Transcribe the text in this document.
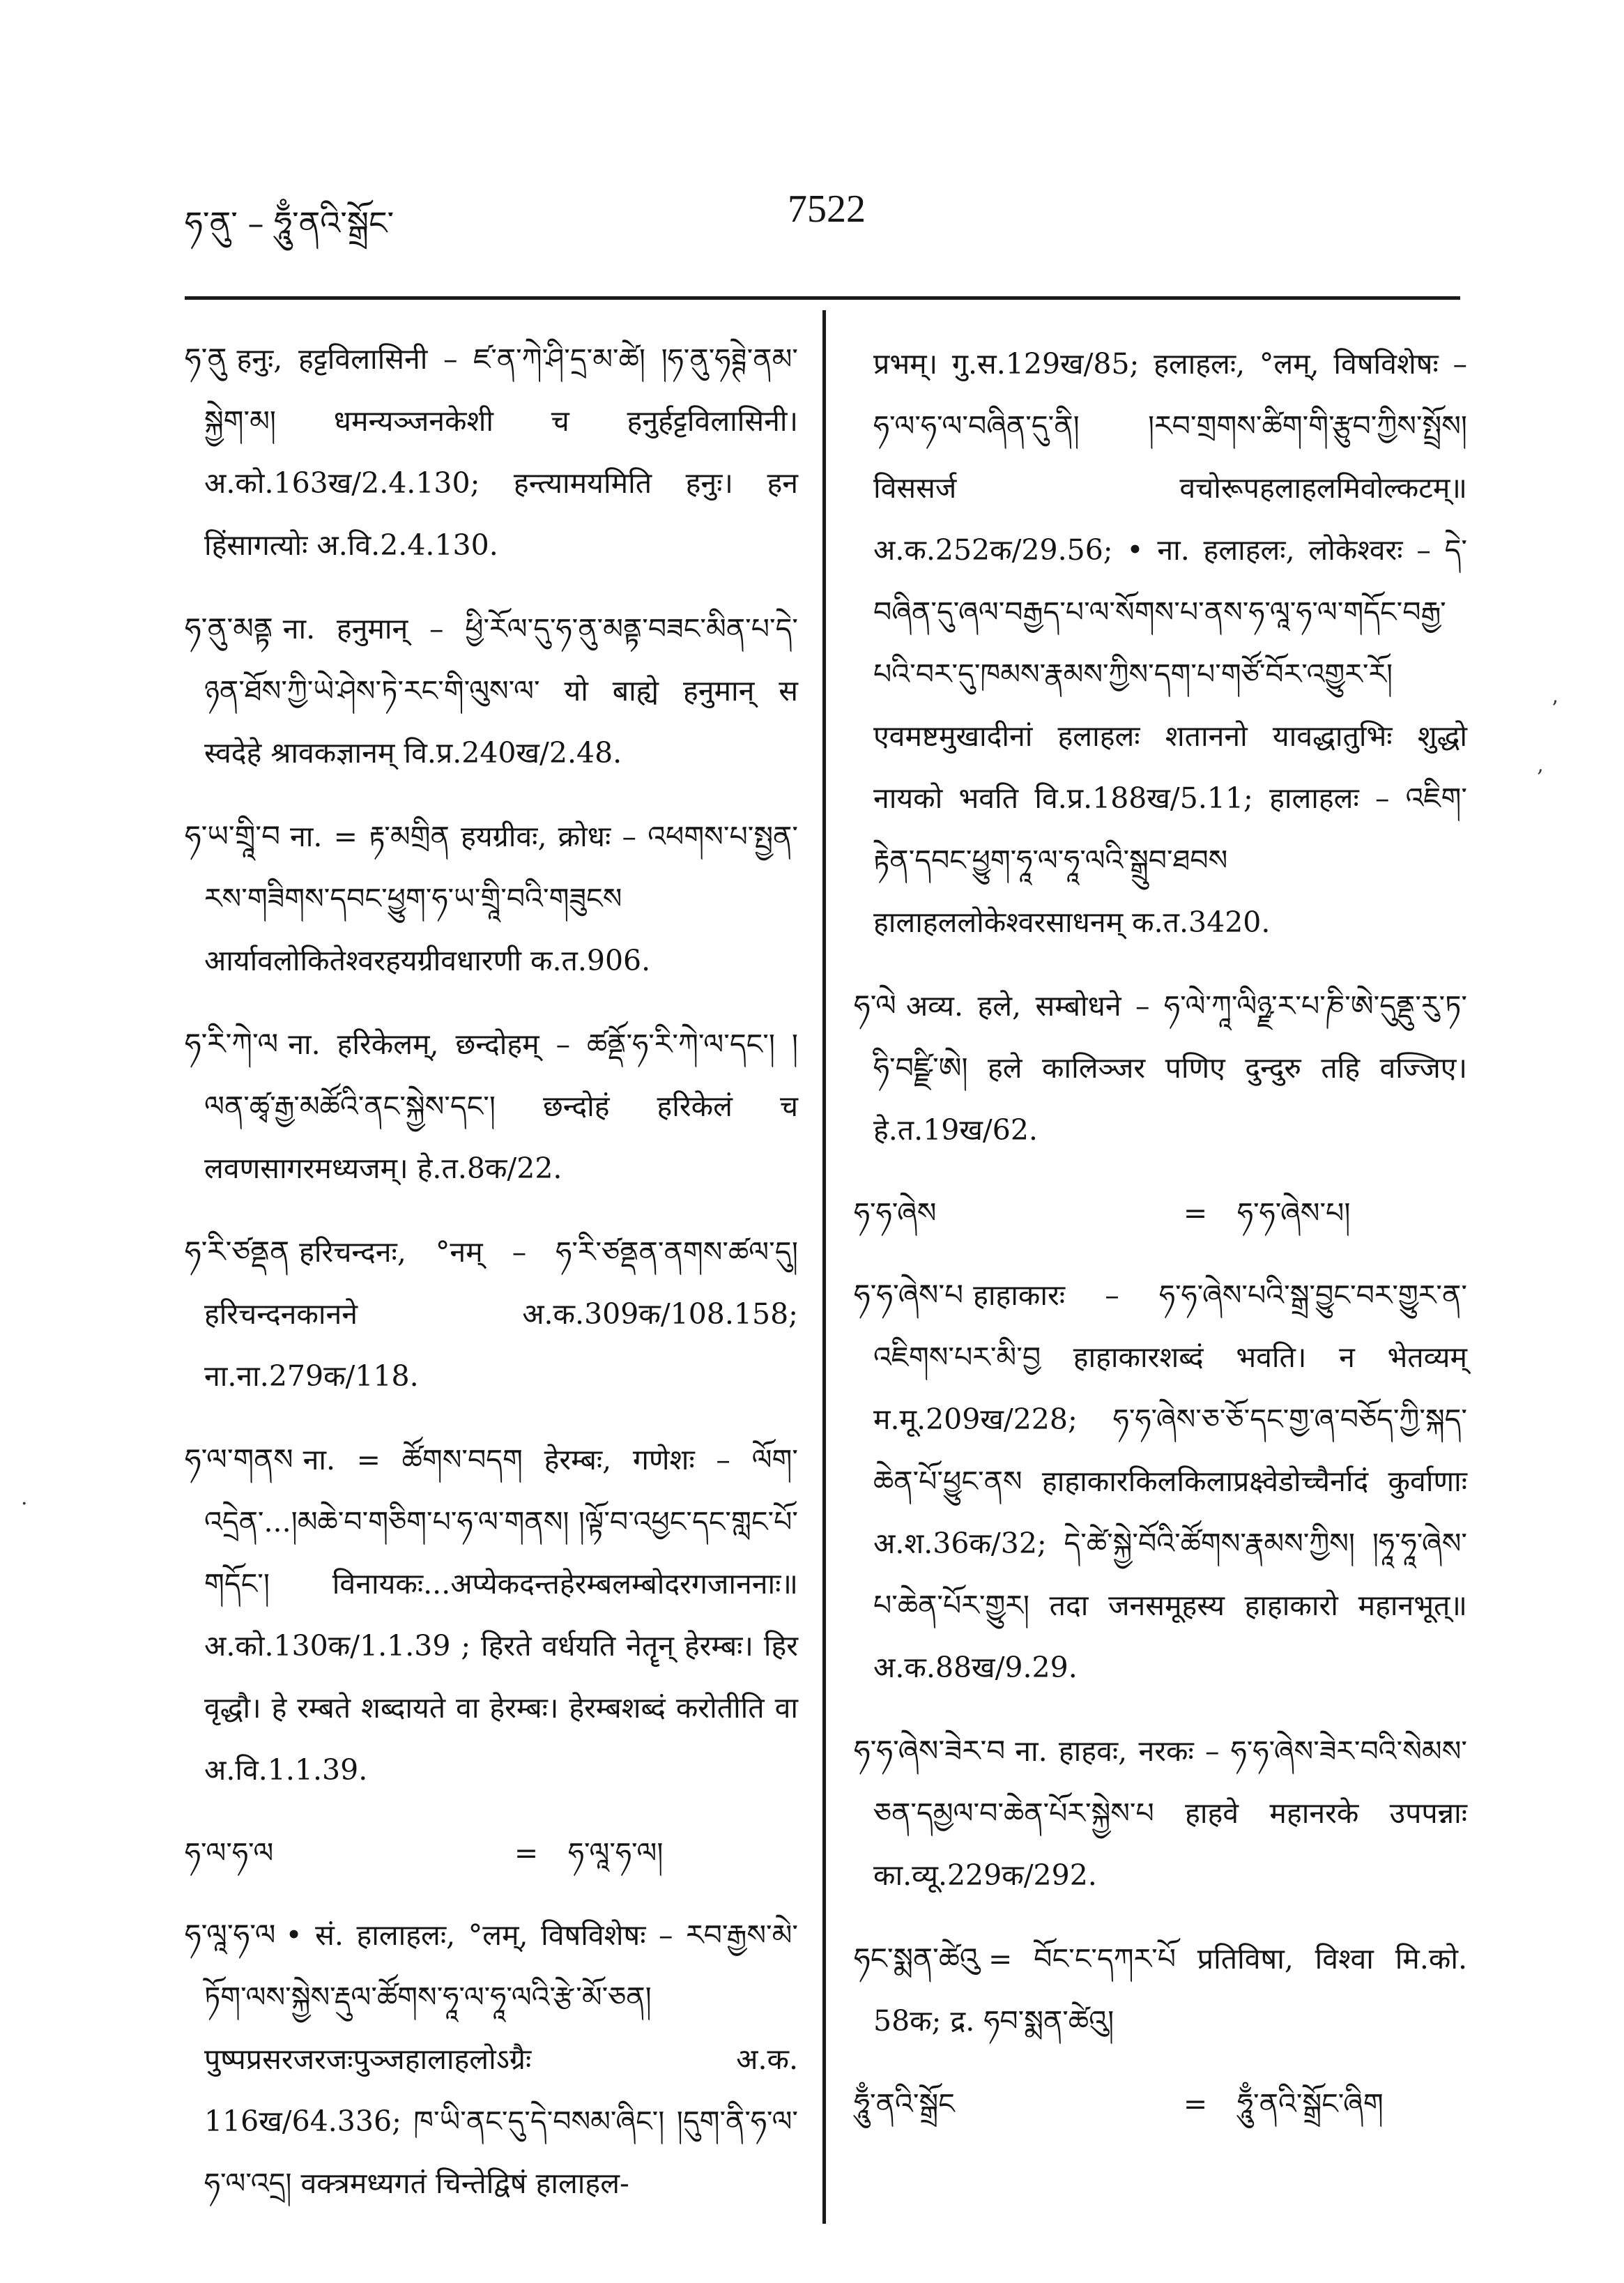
ཧ་ནུ་ – ཧཱུྃ་ནའི་སྒྲོང་	7522
ཧ་ནུ हनुः, हट्टविलासिनी – ཛ་ན་ཀེ་ཤི་དྲ་མ་ཚེ། །ཧ་ནུ་ཧཊྚེ་ནམ་སྐྱེག་མ། धमन्यञ्जनकेशी च हनुर्हट्टविलासिनी। अ.को.163ख/2.4.130; हन्त्यामयमिति हनुः। हन हिंसागत्योः अ.वि.2.4.130.
ཧ་ནུ་མནྟ ना. हनुमान् – ཕྱི་རོལ་དུ་ཧ་ནུ་མནྟ་བཟང་མིན་པ་དེ་ཉན་ཐོས་ཀྱི་ཡེ་ཤེས་ཏེ་རང་གི་ལུས་ལ་ यो बाह्ये हनुमान् स स्वदेहे श्रावकज्ञानम् वि.प्र.240ख/2.48.
ཧ་ཡ་གྲཱི་བ ना. = རྟ་མགྲིན हयग्रीवः, क्रोधः – འཕགས་པ་སྤྱན་རས་གཟིགས་དབང་ཕྱུག་ཧ་ཡ་གྲཱི་བའི་གཟུངས आर्यावलोकितेश्वरहयग्रीवधारणी क.त.906.
ཧ་རི་ཀེ་ལ ना. हरिकेलम्, छन्दोहम् – ཚནྡོ་ཧ་རི་ཀེ་ལ་དང་། །ལན་ཚྭ་རྒྱ་མཚོའི་ནང་སྐྱེས་དང་། छन्दोहं हरिकेलं च लवणसागरमध्यजम्। हे.त.8क/22.
ཧ་རི་ཙནྡན हरिचन्दनः, °नम् – ཧ་རི་ཙནྡན་ནགས་ཚལ་དུ། हरिचन्दनकानने अ.क.309क/108.158; ना.ना.279क/118.
ཧ་ལ་གནས ना. = ཚོགས་བདག हेरम्बः, गणेशः – ལོག་འདྲེན་...།མཆེ་བ་གཅིག་པ་ཧ་ལ་གནས། །ལྟོ་བ་འཕྱང་དང་གླང་པོ་གདོང་། विनायकः...अप्येकदन्तहेरम्बलम्बोदरगजाननाः॥ अ.को.130क/1.1.39 ; हिरते वर्धयति नेतॄन् हेरम्बः। हिर वृद्धौ। हे रम्बते शब्दायते वा हेरम्बः। हेरम्बशब्दं करोतीति वा अ.वि.1.1.39.
ཧ་ལ་ཧ་ལ	=	ཧ་ལཱ་ཧ་ལ།
ཧ་ལཱ་ཧ་ལ • सं. हालाहलः, °लम्, विषविशेषः – རབ་རྒྱས་མེ་ཏོག་ལས་སྐྱེས་རྡུལ་ཚོགས་ཧཱ་ལ་ཧཱ་ལའི་རྩེ་མོ་ཅན། पुष्पप्रसरजरजःपुञ्जहालाहलोऽग्रैः अ.क. 116ख/64.336; ཁ་ཡི་ནང་དུ་དེ་བསམ་ཞིང་། །དུག་ནི་ཧ་ལ་ཧ་ལ་འདྲ། वक्त्रमध्यगतं चिन्तेद्विषं हालाहल-
प्रभम्। गु.स.129ख/85; हलाहलः, °लम्, विषविशेषः – ཧ་ལ་ཧ་ལ་བཞིན་དུ་ནི། །རབ་གྲགས་ཚིག་གི་རྩུབ་ཀྱིས་སྤྲོས། विससर्ज वचोरूपहलाहलमिवोल्कटम्॥ अ.क.252क/29.56; • ना. हलाहलः, लोकेश्वरः – དེ་བཞིན་དུ་ཞལ་བརྒྱད་པ་ལ་སོགས་པ་ནས་ཧ་ལཱ་ཧ་ལ་གདོང་བརྒྱ་པའི་བར་དུ་ཁམས་རྣམས་ཀྱིས་དག་པ་གཙོ་བོར་འགྱུར་རོ། एवमष्टमुखादीनां हलाहलः शताननो यावद्धातुभिः शुद्धो नायको भवति वि.प्र.188ख/5.11; हालाहलः – འཇིག་རྟེན་དབང་ཕྱུག་ཧཱ་ལ་ཧཱ་ལའི་སྒྲུབ་ཐབས हालाहललोकेश्वरसाधनम् क.त.3420.
ཧ་ལེ अव्य. हले, सम्बोधने – ཧ་ལེ་ཀཱ་ལིཉྫ་ར་པ་ཎི་ཨེ་དུནྡུ་རུ་ཏ་ཧི་བཛྫི་ཨེ། हले कालिञ्जर पणिए दुन्दुरु तहि वज्जिए। हे.त.19ख/62.
ཧ་ཧ་ཞེས	=	ཧ་ཧ་ཞེས་པ།
ཧ་ཧ་ཞེས་པ हाहाकारः – ཧ་ཧ་ཞེས་པའི་སྒྲ་བྱུང་བར་གྱུར་ན་འཇིགས་པར་མི་བྱ हाहाकारशब्दं भवति। न भेतव्यम् म.मू.209ख/228; ཧ་ཧ་ཞེས་ཅ་ཅོ་དང་གྱ་ཞ་བཅོད་ཀྱི་སྐད་ཆེན་པོ་ཕྱུང་ནས हाहाकारकिलकिलाप्रक्ष्वेडोच्चैर्नादं कुर्वाणाः अ.श.36क/32; དེ་ཚེ་སྐྱེ་བོའི་ཚོགས་རྣམས་ཀྱིས། །ཧཱ་ཧཱ་ཞེས་པ་ཆེན་པོར་གྱུར། तदा जनसमूहस्य हाहाकारो महानभूत्॥ अ.क.88ख/9.29.
ཧ་ཧ་ཞེས་ཟེར་བ ना. हाहवः, नरकः – ཧ་ཧ་ཞེས་ཟེར་བའི་སེམས་ཅན་དམྱལ་བ་ཆེན་པོར་སྐྱེས་པ हाहवे महानरके उपपन्नाः का.व्यू.229क/292.
ཧང་སྨན་ཚེའུ = བོང་ང་དཀར་པོ प्रतिविषा, विश्वा मि.को. 58क; द्र. ཧབ་སྨན་ཚེའུ།
ཧཱུྃ་ནའི་སྒྲོང	=	ཧཱུྃ་ནའི་སྒྲོང་ཞིག
ʼ
‚
·
